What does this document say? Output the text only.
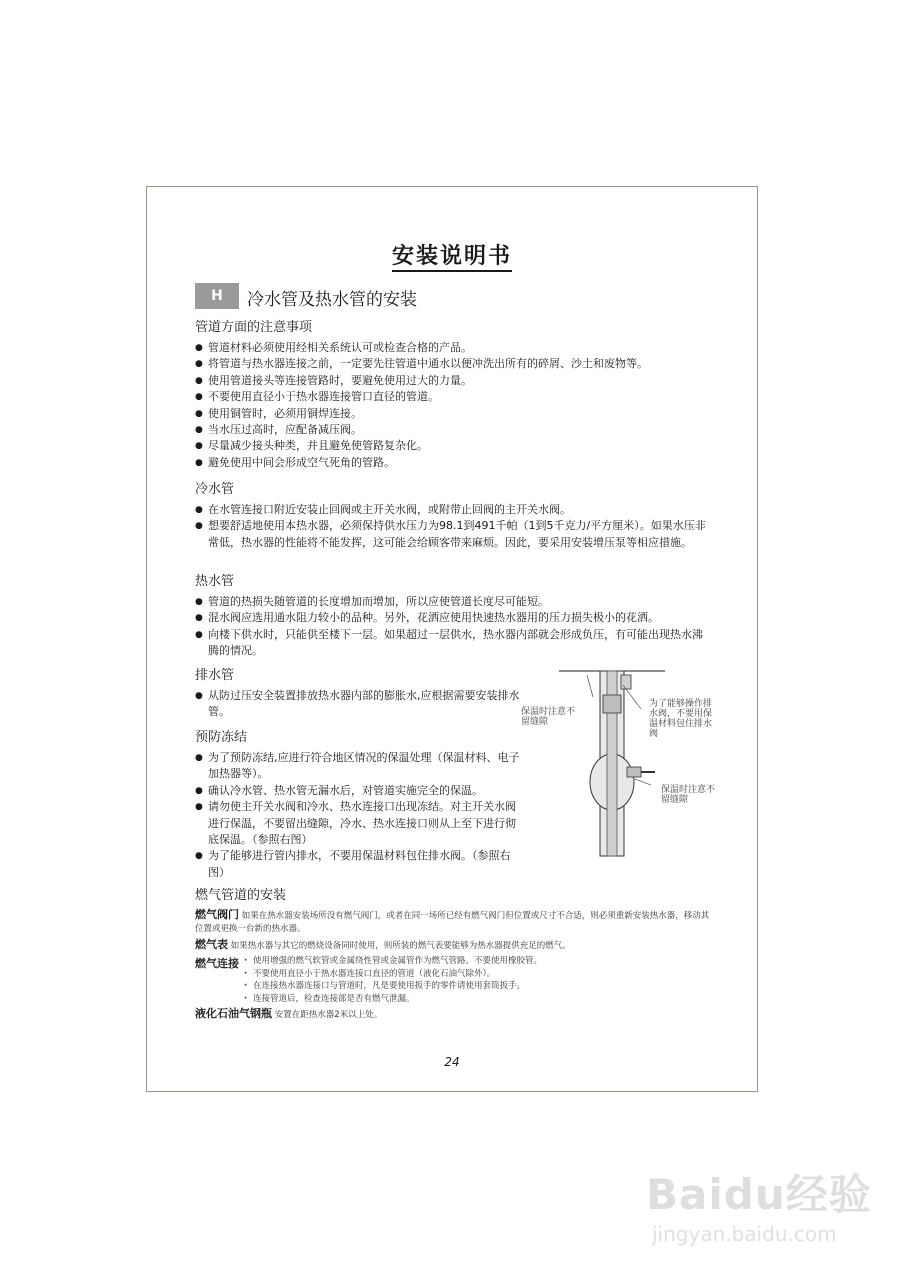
安装说明书
H	冷水管及热水管的安装
管道方面的注意事项
● 管道材料必须使用经相关系统认可或检查合格的产品。
● 将管道与热水器连接之前，一定要先往管道中通水以便冲洗出所有的碎屑、沙土和废物等。
● 使用管道接头等连接管路时，要避免使用过大的力量。
● 不要使用直径小于热水器连接管口直径的管道。
● 使用铜管时，必须用铜焊连接。
● 当水压过高时，应配备减压阀。
● 尽量减少接头种类，并且避免使管路复杂化。
● 避免使用中间会形成空气死角的管路。
冷水管
● 在水管连接口附近安装止回阀或主开关水阀，或附带止回阀的主开关水阀。
● 想要舒适地使用本热水器，必须保持供水压力为98.1到491千帕（1到5千克力/平方厘米）。如果水压非常低，热水器的性能将不能发挥，这可能会给顾客带来麻烦。因此，要采用安装增压泵等相应措施。
热水管
● 管道的热损失随管道的长度增加而增加，所以应使管道长度尽可能短。
● 混水阀应选用通水阻力较小的品种。另外，花洒应使用快速热水器用的压力损失极小的花洒。
● 向楼下供水时，只能供至楼下一层。如果超过一层供水，热水器内部就会形成负压，有可能出现热水沸腾的情况。
排水管
● 从防过压安全装置排放热水器内部的膨胀水,应根据需要安装排水管。
预防冻结
● 为了预防冻结,应进行符合地区情况的保温处理（保温材料、电子加热器等）。
● 确认冷水管、热水管无漏水后，对管道实施完全的保温。
● 请勿使主开关水阀和冷水、热水连接口出现冻结。对主开关水阀进行保温，不要留出缝隙，冷水、热水连接口则从上至下进行彻底保温。（参照右图）
● 为了能够进行管内排水，不要用保温材料包住排水阀。（参照右图）
保温时注意不留缝隙
为了能够操作排水阀，不要用保温材料包住排水阀
保温时注意不留缝隙
燃气管道的安装
燃气阀门 如果在热水器安装场所没有燃气阀门，或者在同一场所已经有燃气阀门但位置或尺寸不合适，则必须重新安装热水器，移动其位置或更换一台新的热水器。
燃气表 如果热水器与其它的燃烧设备同时使用，则所装的燃气表要能够为热水器提供充足的燃气。
燃气连接
·	使用增强的燃气软管或金属绕性管或金属管作为燃气管路。不要使用橡胶管。
· 不要使用直径小于热水器连接口直径的管道（液化石油气除外）。
· 在连接热水器连接口与管道时，凡是要使用扳手的零件请使用套筒扳手。
· 连接管道后，检查连接部是否有燃气泄漏。
液化石油气钢瓶 安置在距热水器2米以上处。
24
Baidu经验
jingyan.baidu.com
